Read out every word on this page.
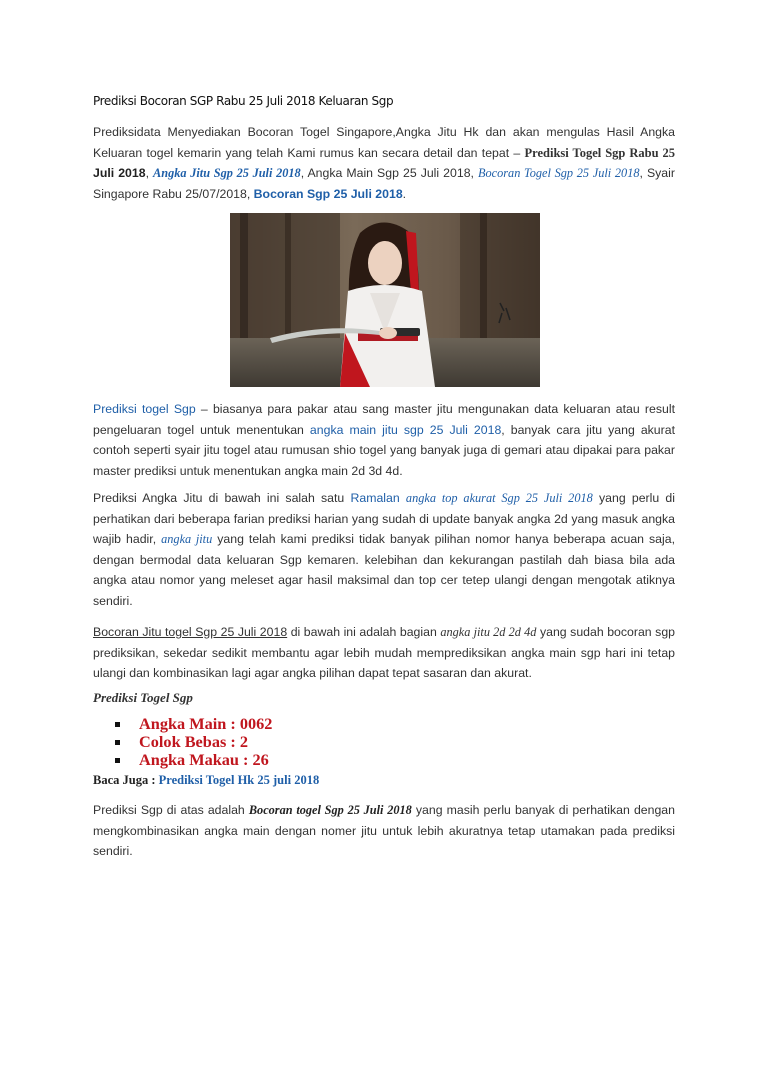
Prediksi Bocoran SGP Rabu 25 Juli 2018 Keluaran Sgp
Prediksidata Menyediakan Bocoran Togel Singapore,Angka Jitu Hk dan akan mengulas Hasil Angka Keluaran togel kemarin yang telah Kami rumus kan secara detail dan tepat – Prediksi Togel Sgp Rabu 25 Juli 2018, Angka Jitu Sgp 25 Juli 2018, Angka Main Sgp 25 Juli 2018, Bocoran Togel Sgp 25 Juli 2018, Syair Singapore Rabu 25/07/2018, Bocoran Sgp 25 Juli 2018.
Prediksi togel Sgp – biasanya para pakar atau sang master jitu mengunakan data keluaran atau result pengeluaran togel untuk menentukan angka main jitu sgp 25 Juli 2018, banyak cara jitu yang akurat contoh seperti syair jitu togel atau rumusan shio togel yang banyak juga di gemari atau dipakai para pakar master prediksi untuk menentukan angka main 2d 3d 4d.
Prediksi Angka Jitu di bawah ini salah satu Ramalan angka top akurat Sgp 25 Juli 2018 yang perlu di perhatikan dari beberapa farian prediksi harian yang sudah di update banyak angka 2d yang masuk angka wajib hadir, angka jitu yang telah kami prediksi tidak banyak pilihan nomor hanya beberapa acuan saja, dengan bermodal data keluaran Sgp kemaren. kelebihan dan kekurangan pastilah dah biasa bila ada angka atau nomor yang meleset agar hasil maksimal dan top cer tetep ulangi dengan mengotak atiknya sendiri.
Bocoran Jitu togel Sgp 25 Juli 2018 di bawah ini adalah bagian angka jitu 2d 2d 4d yang sudah bocoran sgp prediksikan, sekedar sedikit membantu agar lebih mudah memprediksikan angka main sgp hari ini tetap ulangi dan kombinasikan lagi agar angka pilihan dapat tepat sasaran dan akurat.
Prediksi Togel Sgp
Angka Main : 0062
Colok Bebas : 2
Angka Makau : 26
Baca Juga : Prediksi Togel Hk 25 juli 2018
Prediksi Sgp di atas adalah Bocoran togel Sgp 25 Juli 2018 yang masih perlu banyak di perhatikan dengan mengkombinasikan angka main dengan nomer jitu untuk lebih akuratnya tetap utamakan pada prediksi sendiri.
